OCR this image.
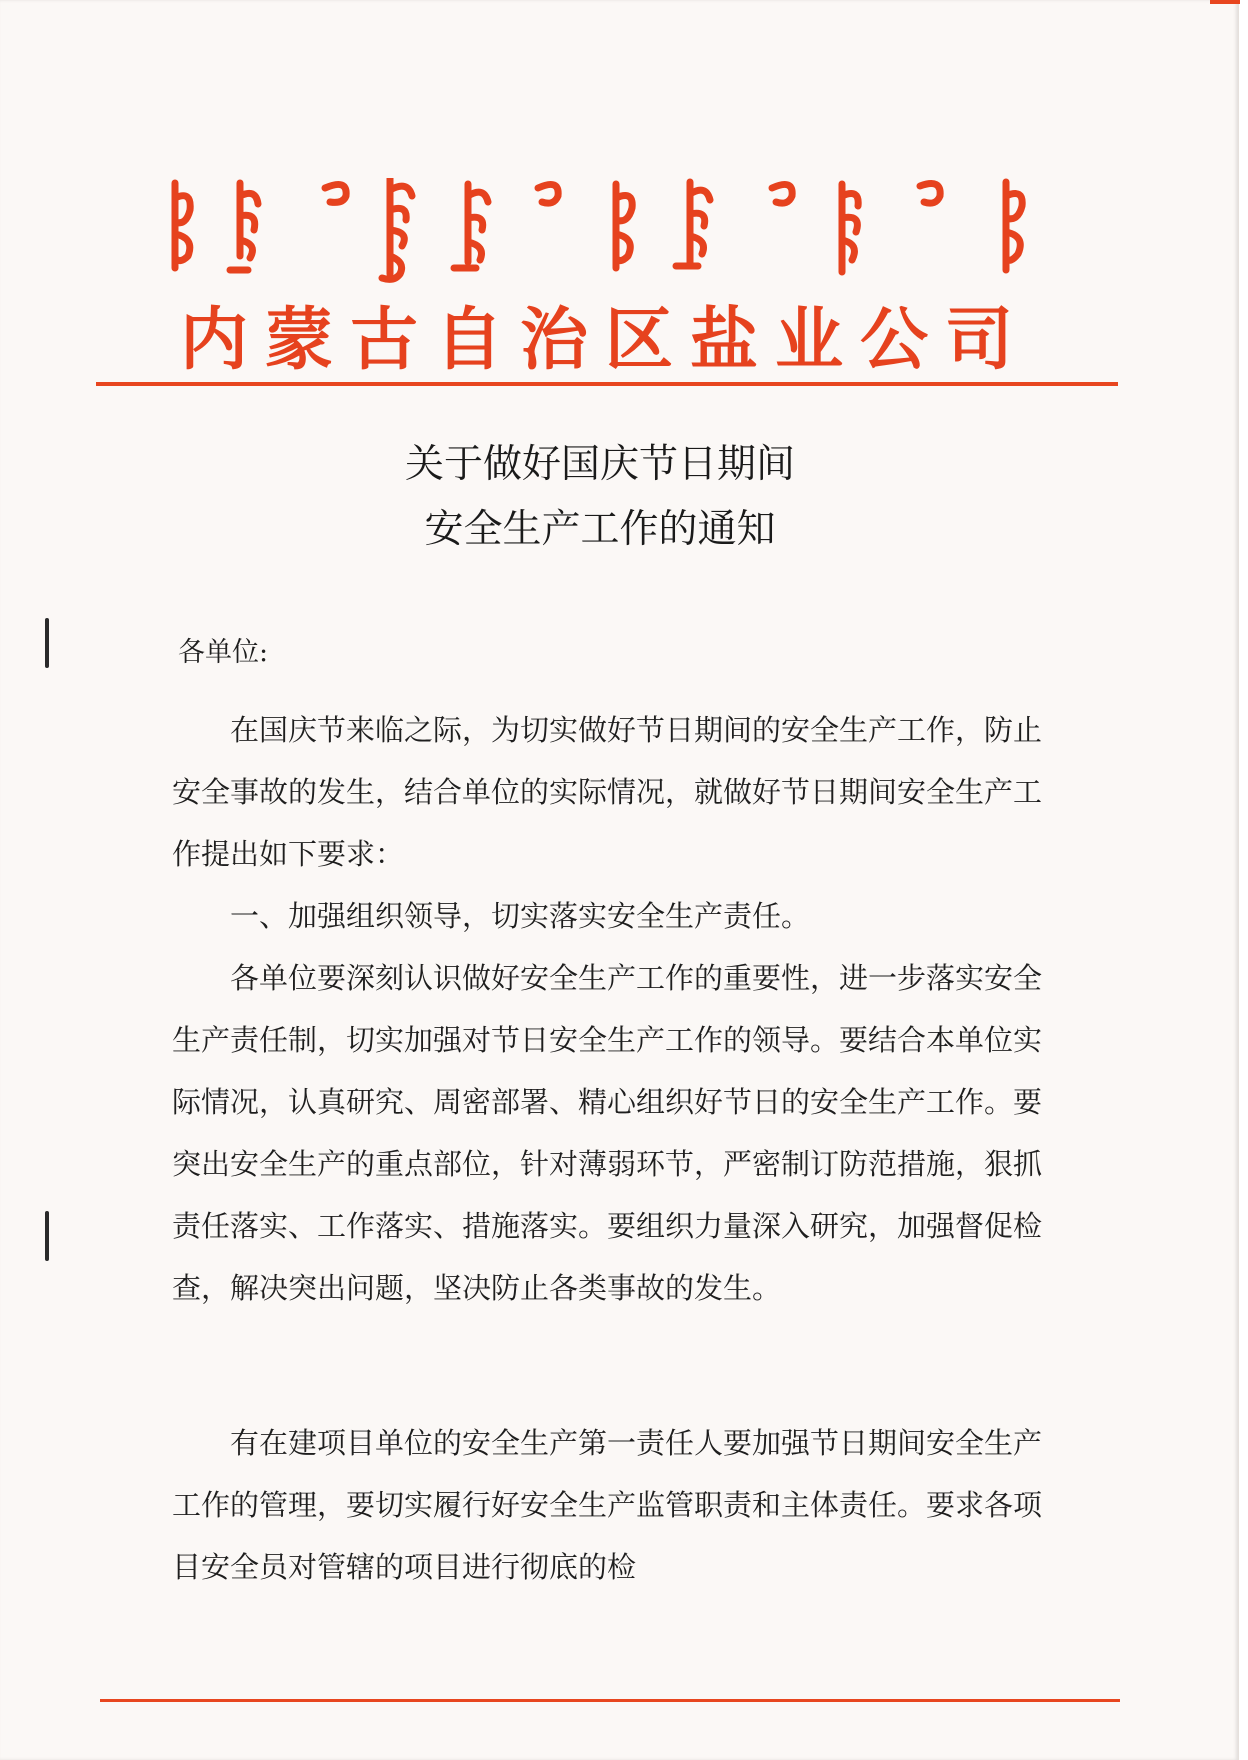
内蒙古自治区盐业公司
关于做好国庆节日期间
安全生产工作的通知
各单位:

在国庆节来临之际，为切实做好节日期间的安全生产工作，防止安全事故的发生，结合单位的实际情况，就做好节日期间安全生产工作提出如下要求：

一、加强组织领导，切实落实安全生产责任。

各单位要深刻认识做好安全生产工作的重要性，进一步落实安全生产责任制，切实加强对节日安全生产工作的领导。要结合本单位实际情况，认真研究、周密部署、精心组织好节日的安全生产工作。要突出安全生产的重点部位，针对薄弱环节，严密制订防范措施，狠抓责任落实、工作落实、措施落实。要组织力量深入研究，加强督促检查，解决突出问题，坚决防止各类事故的发生。

有在建项目单位的安全生产第一责任人要加强节日期间安全生产工作的管理，要切实履行好安全生产监管职责和主体责任。要求各项目安全员对管辖的项目进行彻底的检
